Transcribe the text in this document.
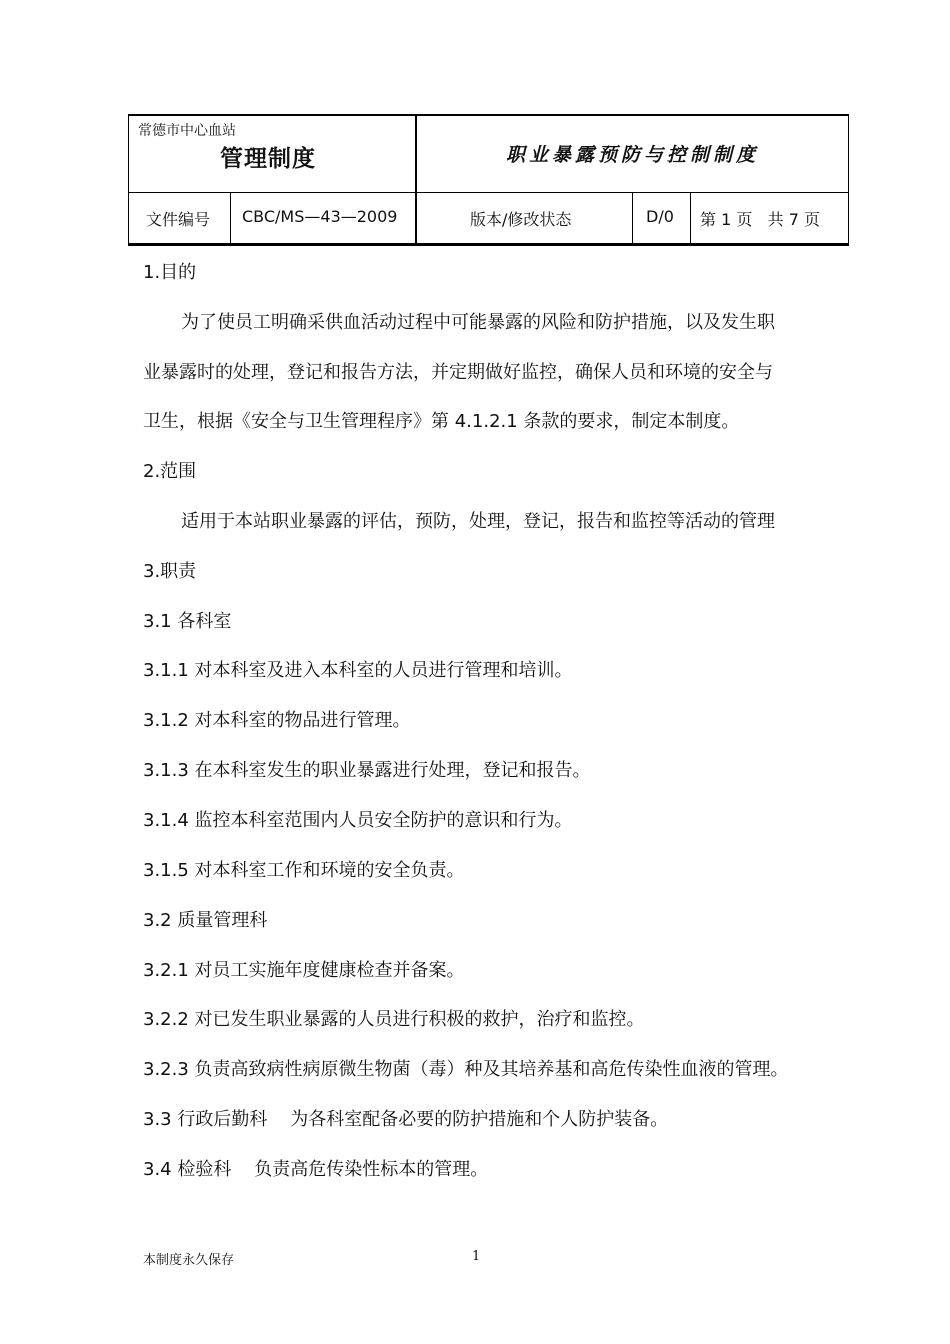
常德市中心血站
管理制度	职业暴露预防与控制制度
文件编号 CBC/MS—43—2009	版本/修改状态	D/0 第 1 页   共 7 页
1.目的
为了使员工明确采供血活动过程中可能暴露的风险和防护措施，以及发生职
业暴露时的处理，登记和报告方法，并定期做好监控，确保人员和环境的安全与
卫生，根据《安全与卫生管理程序》第 4.1.2.1 条款的要求，制定本制度。
2.范围
适用于本站职业暴露的评估，预防，处理，登记，报告和监控等活动的管理
3.职责
3.1 各科室
3.1.1 对本科室及进入本科室的人员进行管理和培训。
3.1.2 对本科室的物品进行管理。
3.1.3 在本科室发生的职业暴露进行处理，登记和报告。
3.1.4 监控本科室范围内人员安全防护的意识和行为。
3.1.5 对本科室工作和环境的安全负责。
3.2 质量管理科
3.2.1 对员工实施年度健康检查并备案。
3.2.2 对已发生职业暴露的人员进行积极的救护，治疗和监控。
3.2.3 负责高致病性病原微生物菌（毒）种及其培养基和高危传染性血液的管理。
3.3 行政后勤科    为各科室配备必要的防护措施和个人防护装备。
3.4 检验科    负责高危传染性标本的管理。
本制度永久保存	1
